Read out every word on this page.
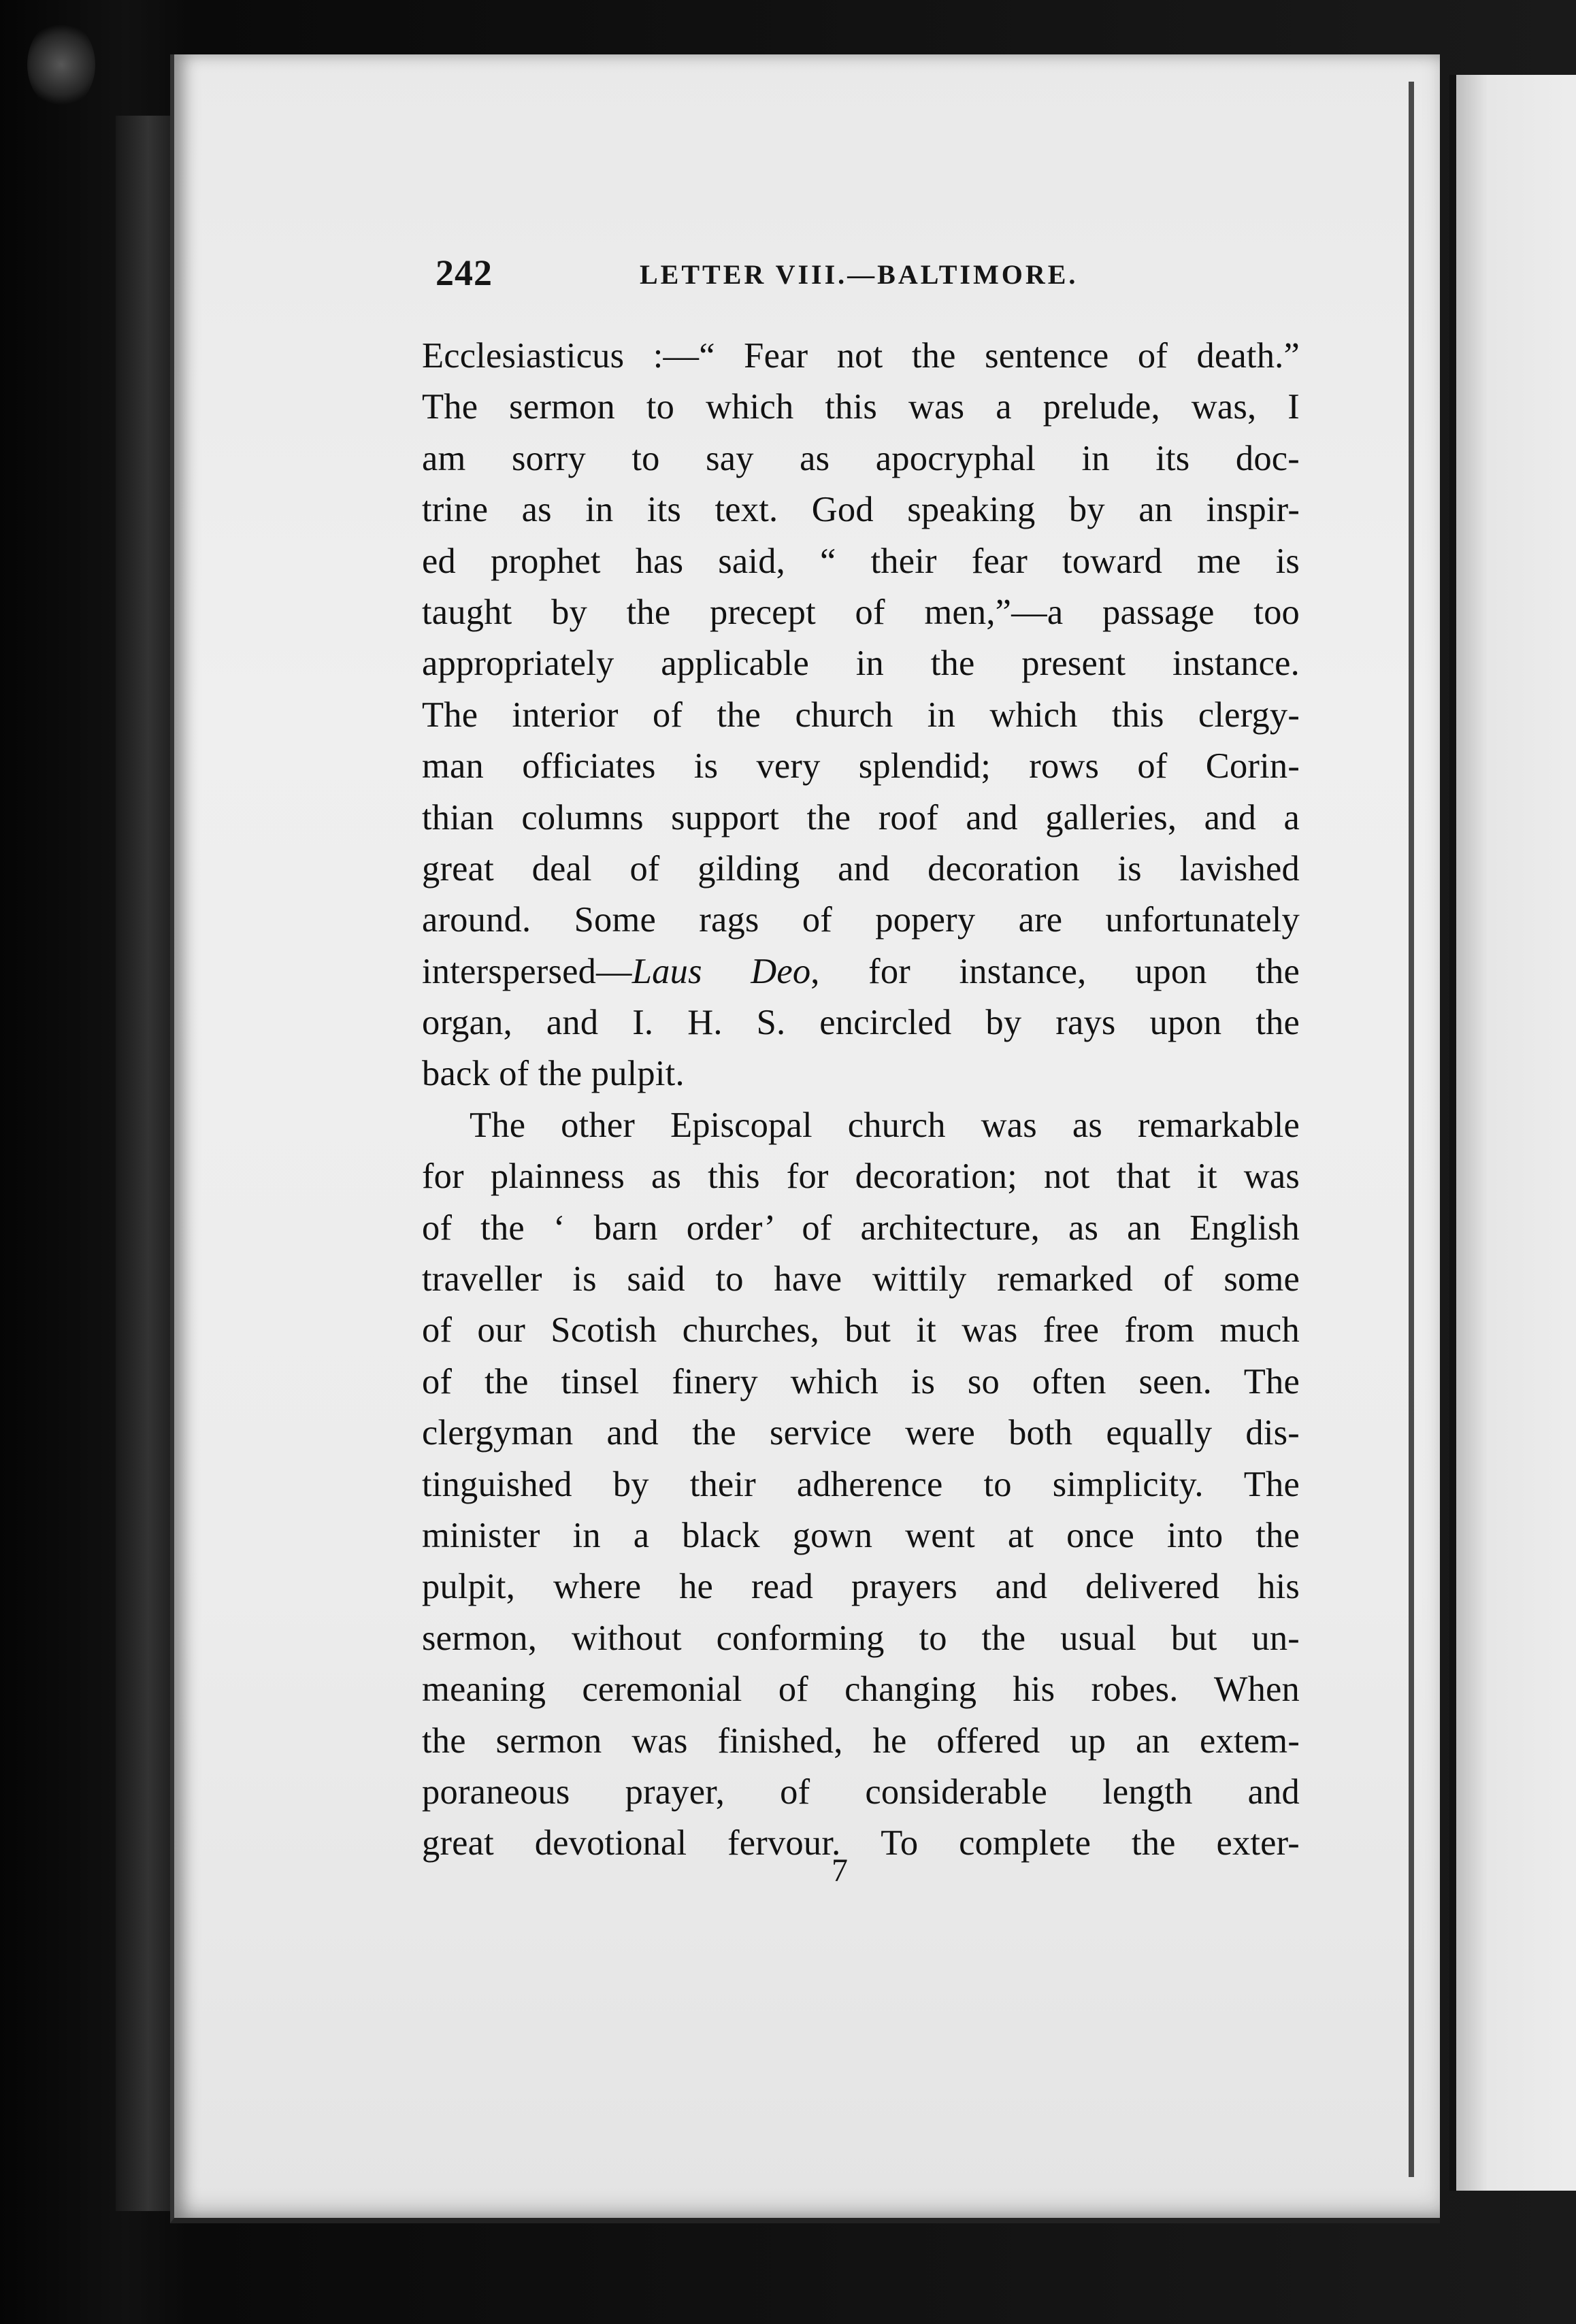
242	LETTER VIII.—BALTIMORE.
Ecclesiasticus :—“ Fear not the sentence of death.”
The sermon to which this was a prelude, was, I
am sorry to say as apocryphal in its doc-
trine as in its text. God speaking by an inspir-
ed prophet has said, “ their fear toward me is
taught by the precept of men,”—a passage too
appropriately applicable in the present instance.
The interior of the church in which this clergy-
man officiates is very splendid; rows of Corin-
thian columns support the roof and galleries, and a
great deal of gilding and decoration is lavished
around. Some rags of popery are unfortunately
interspersed—Laus Deo, for instance, upon the
organ, and I. H. S. encircled by rays upon the
back of the pulpit.
The other Episcopal church was as remarkable
for plainness as this for decoration; not that it was
of the ‘ barn order’ of architecture, as an English
traveller is said to have wittily remarked of some
of our Scotish churches, but it was free from much
of the tinsel finery which is so often seen. The
clergyman and the service were both equally dis-
tinguished by their adherence to simplicity. The
minister in a black gown went at once into the
pulpit, where he read prayers and delivered his
sermon, without conforming to the usual but un-
meaning ceremonial of changing his robes. When
the sermon was finished, he offered up an extem-
poraneous prayer, of considerable length and
great devotional fervour. To complete the exter-
7
